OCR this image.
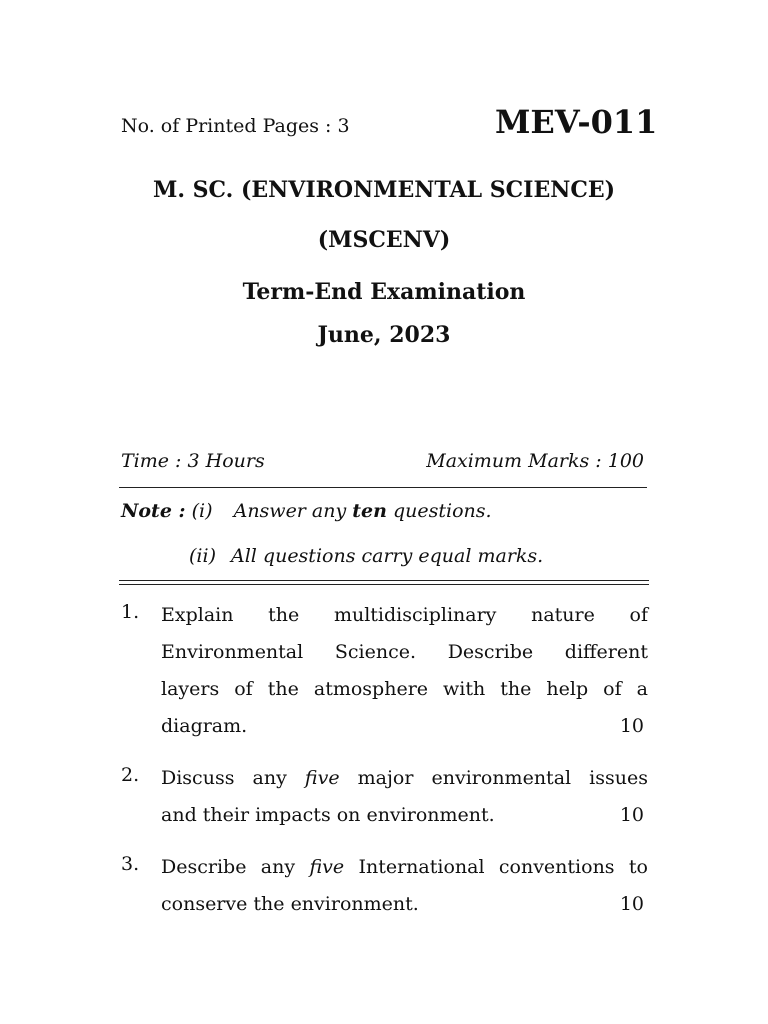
No. of Printed Pages : 3	MEV-011
M. SC. (ENVIRONMENTAL SCIENCE)
(MSCENV)
Term-End Examination
June, 2023
Time : 3 Hours	Maximum Marks : 100
Note : (i) Answer any ten questions.
(ii) All questions carry equal marks.
1. Explain the multidisciplinary nature of
Environmental Science. Describe different
layers of the atmosphere with the help of a
diagram.	10
2. Discuss any five major environmental issues
and their impacts on environment.	10
3. Describe any five International conventions to
conserve the environment.	10
